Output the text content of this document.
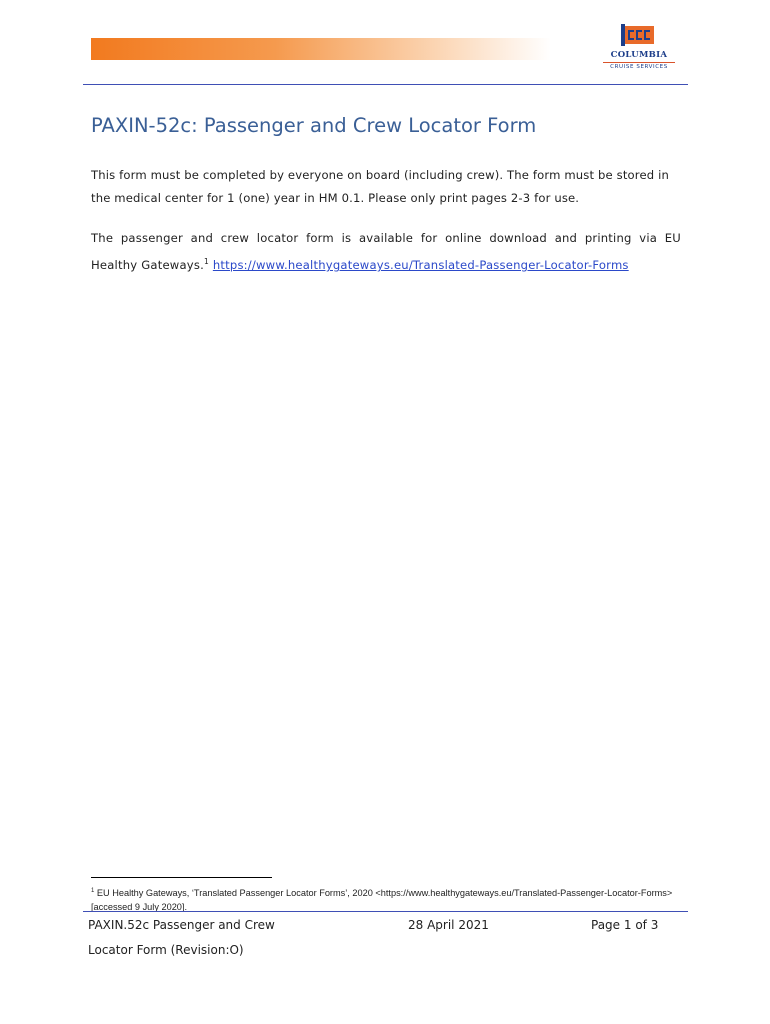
COLUMBIA
CRUISE SERVICES
PAXIN-52c: Passenger and Crew Locator Form
This form must be completed by everyone on board (including crew). The form must be stored in the medical center for 1 (one) year in HM 0.1. Please only print pages 2-3 for use.
The passenger and crew locator form is available for online download and printing via EU
Healthy Gateways.$^1$ https://www.healthygateways.eu/Translated-Passenger-Locator-Forms
$^1$ EU Healthy Gateways, ‘Translated Passenger Locator Forms’, 2020 <https://www.healthygateways.eu/Translated-Passenger-Locator-Forms> [accessed 9 July 2020].
PAXIN.52c Passenger and Crew Locator Form (Revision:O)
28 April 2021	Page 1 of 3
